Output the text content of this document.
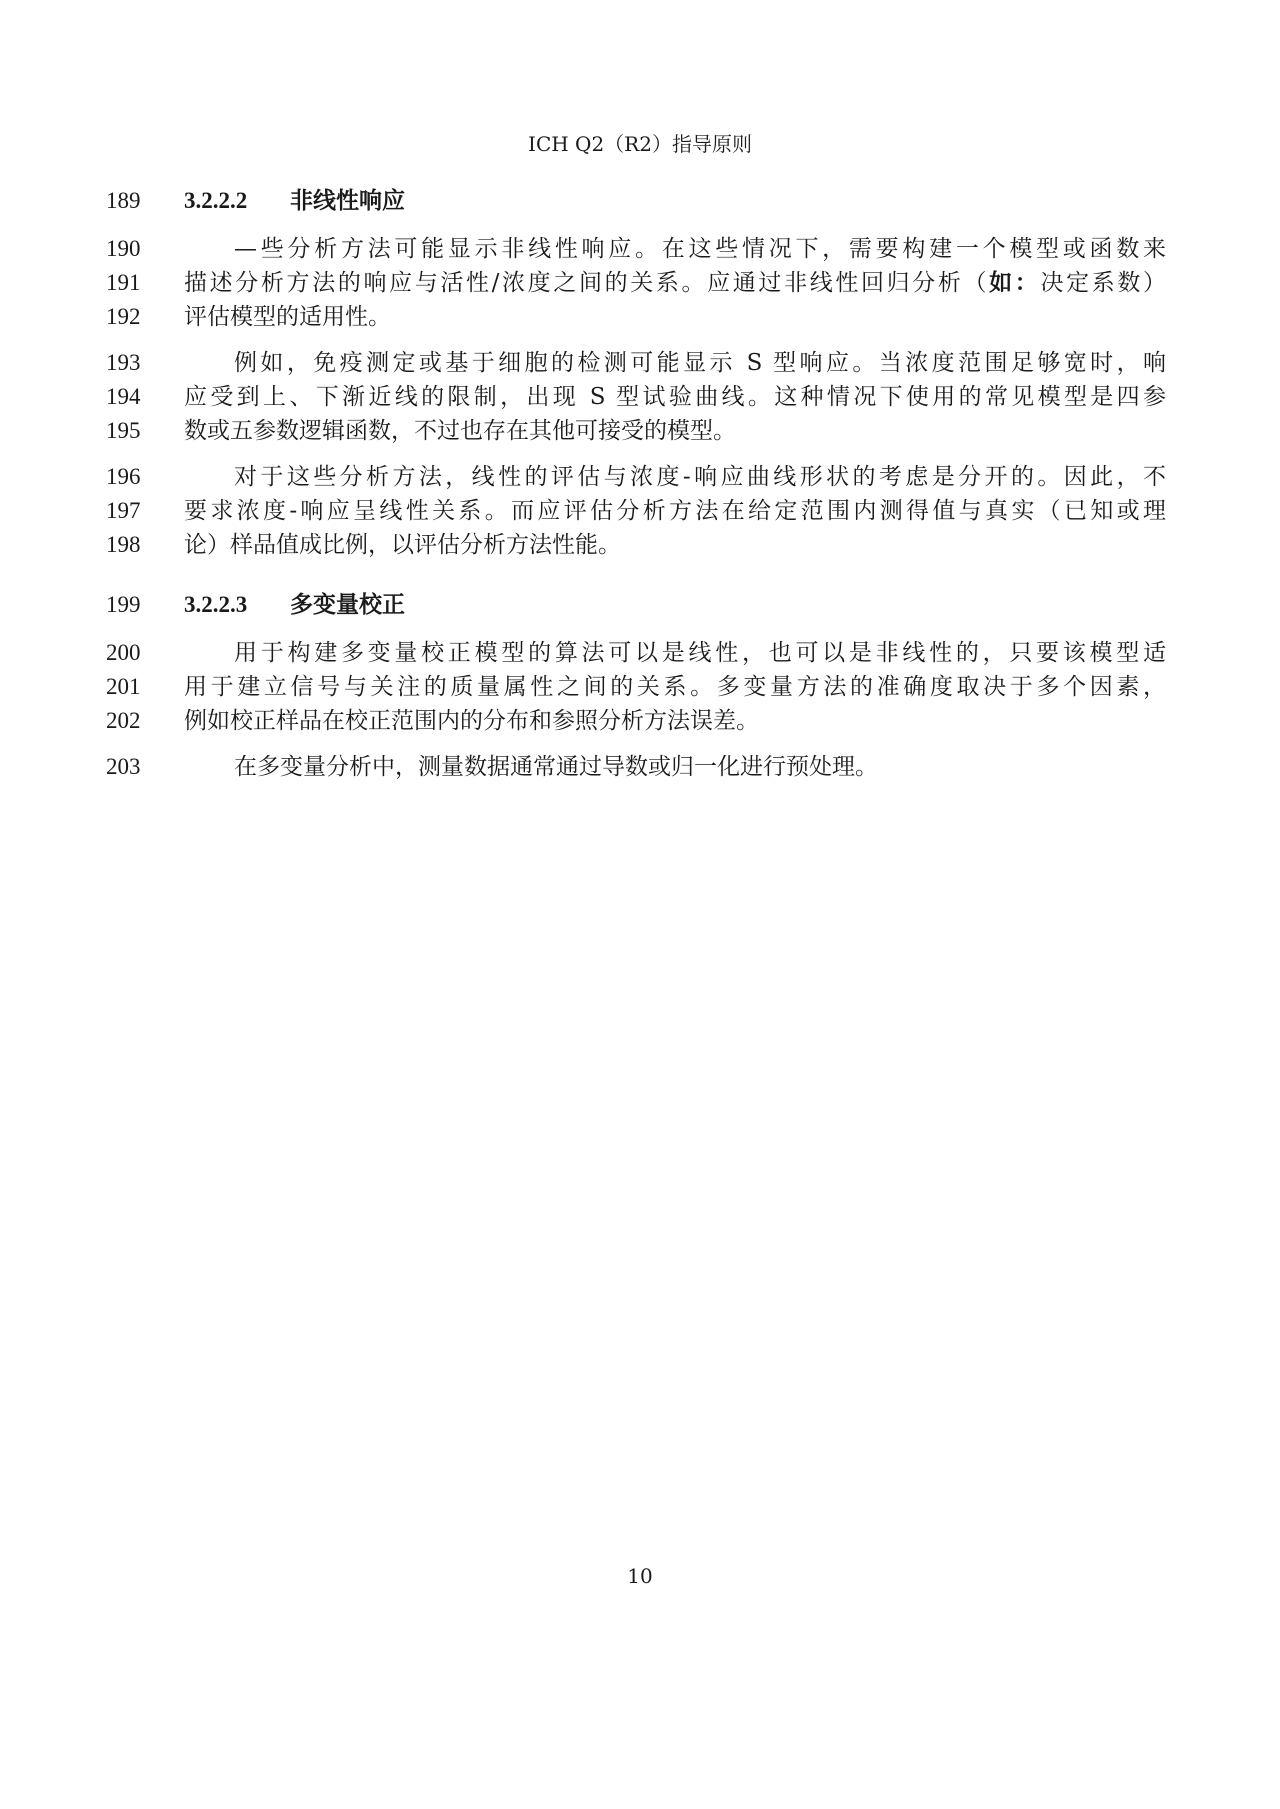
ICH Q2（R2）指导原则
189 3.2.2.2 非线性响应
190	—些分析方法可能显示非线性响应。在这些情况下，需要构建一个模型或函数来
191 描述分析方法的响应与活性/浓度之间的关系。应通过非线性回归分析（如：决定系数）
192 评估模型的适用性。
193	例如，免疫测定或基于细胞的检测可能显示 S 型响应。当浓度范围足够宽时，响
194 应受到上、下渐近线的限制，出现 S 型试验曲线。这种情况下使用的常见模型是四参
195 数或五参数逻辑函数，不过也存在其他可接受的模型。
196	对于这些分析方法，线性的评估与浓度-响应曲线形状的考虑是分开的。因此，不
197 要求浓度-响应呈线性关系。而应评估分析方法在给定范围内测得值与真实（已知或理
198 论）样品值成比例，以评估分析方法性能。
199 3.2.2.3 多变量校正
200	用于构建多变量校正模型的算法可以是线性，也可以是非线性的，只要该模型适
201 用于建立信号与关注的质量属性之间的关系。多变量方法的准确度取决于多个因素，
202 例如校正样品在校正范围内的分布和参照分析方法误差。
203	在多变量分析中，测量数据通常通过导数或归一化进行预处理。
10
